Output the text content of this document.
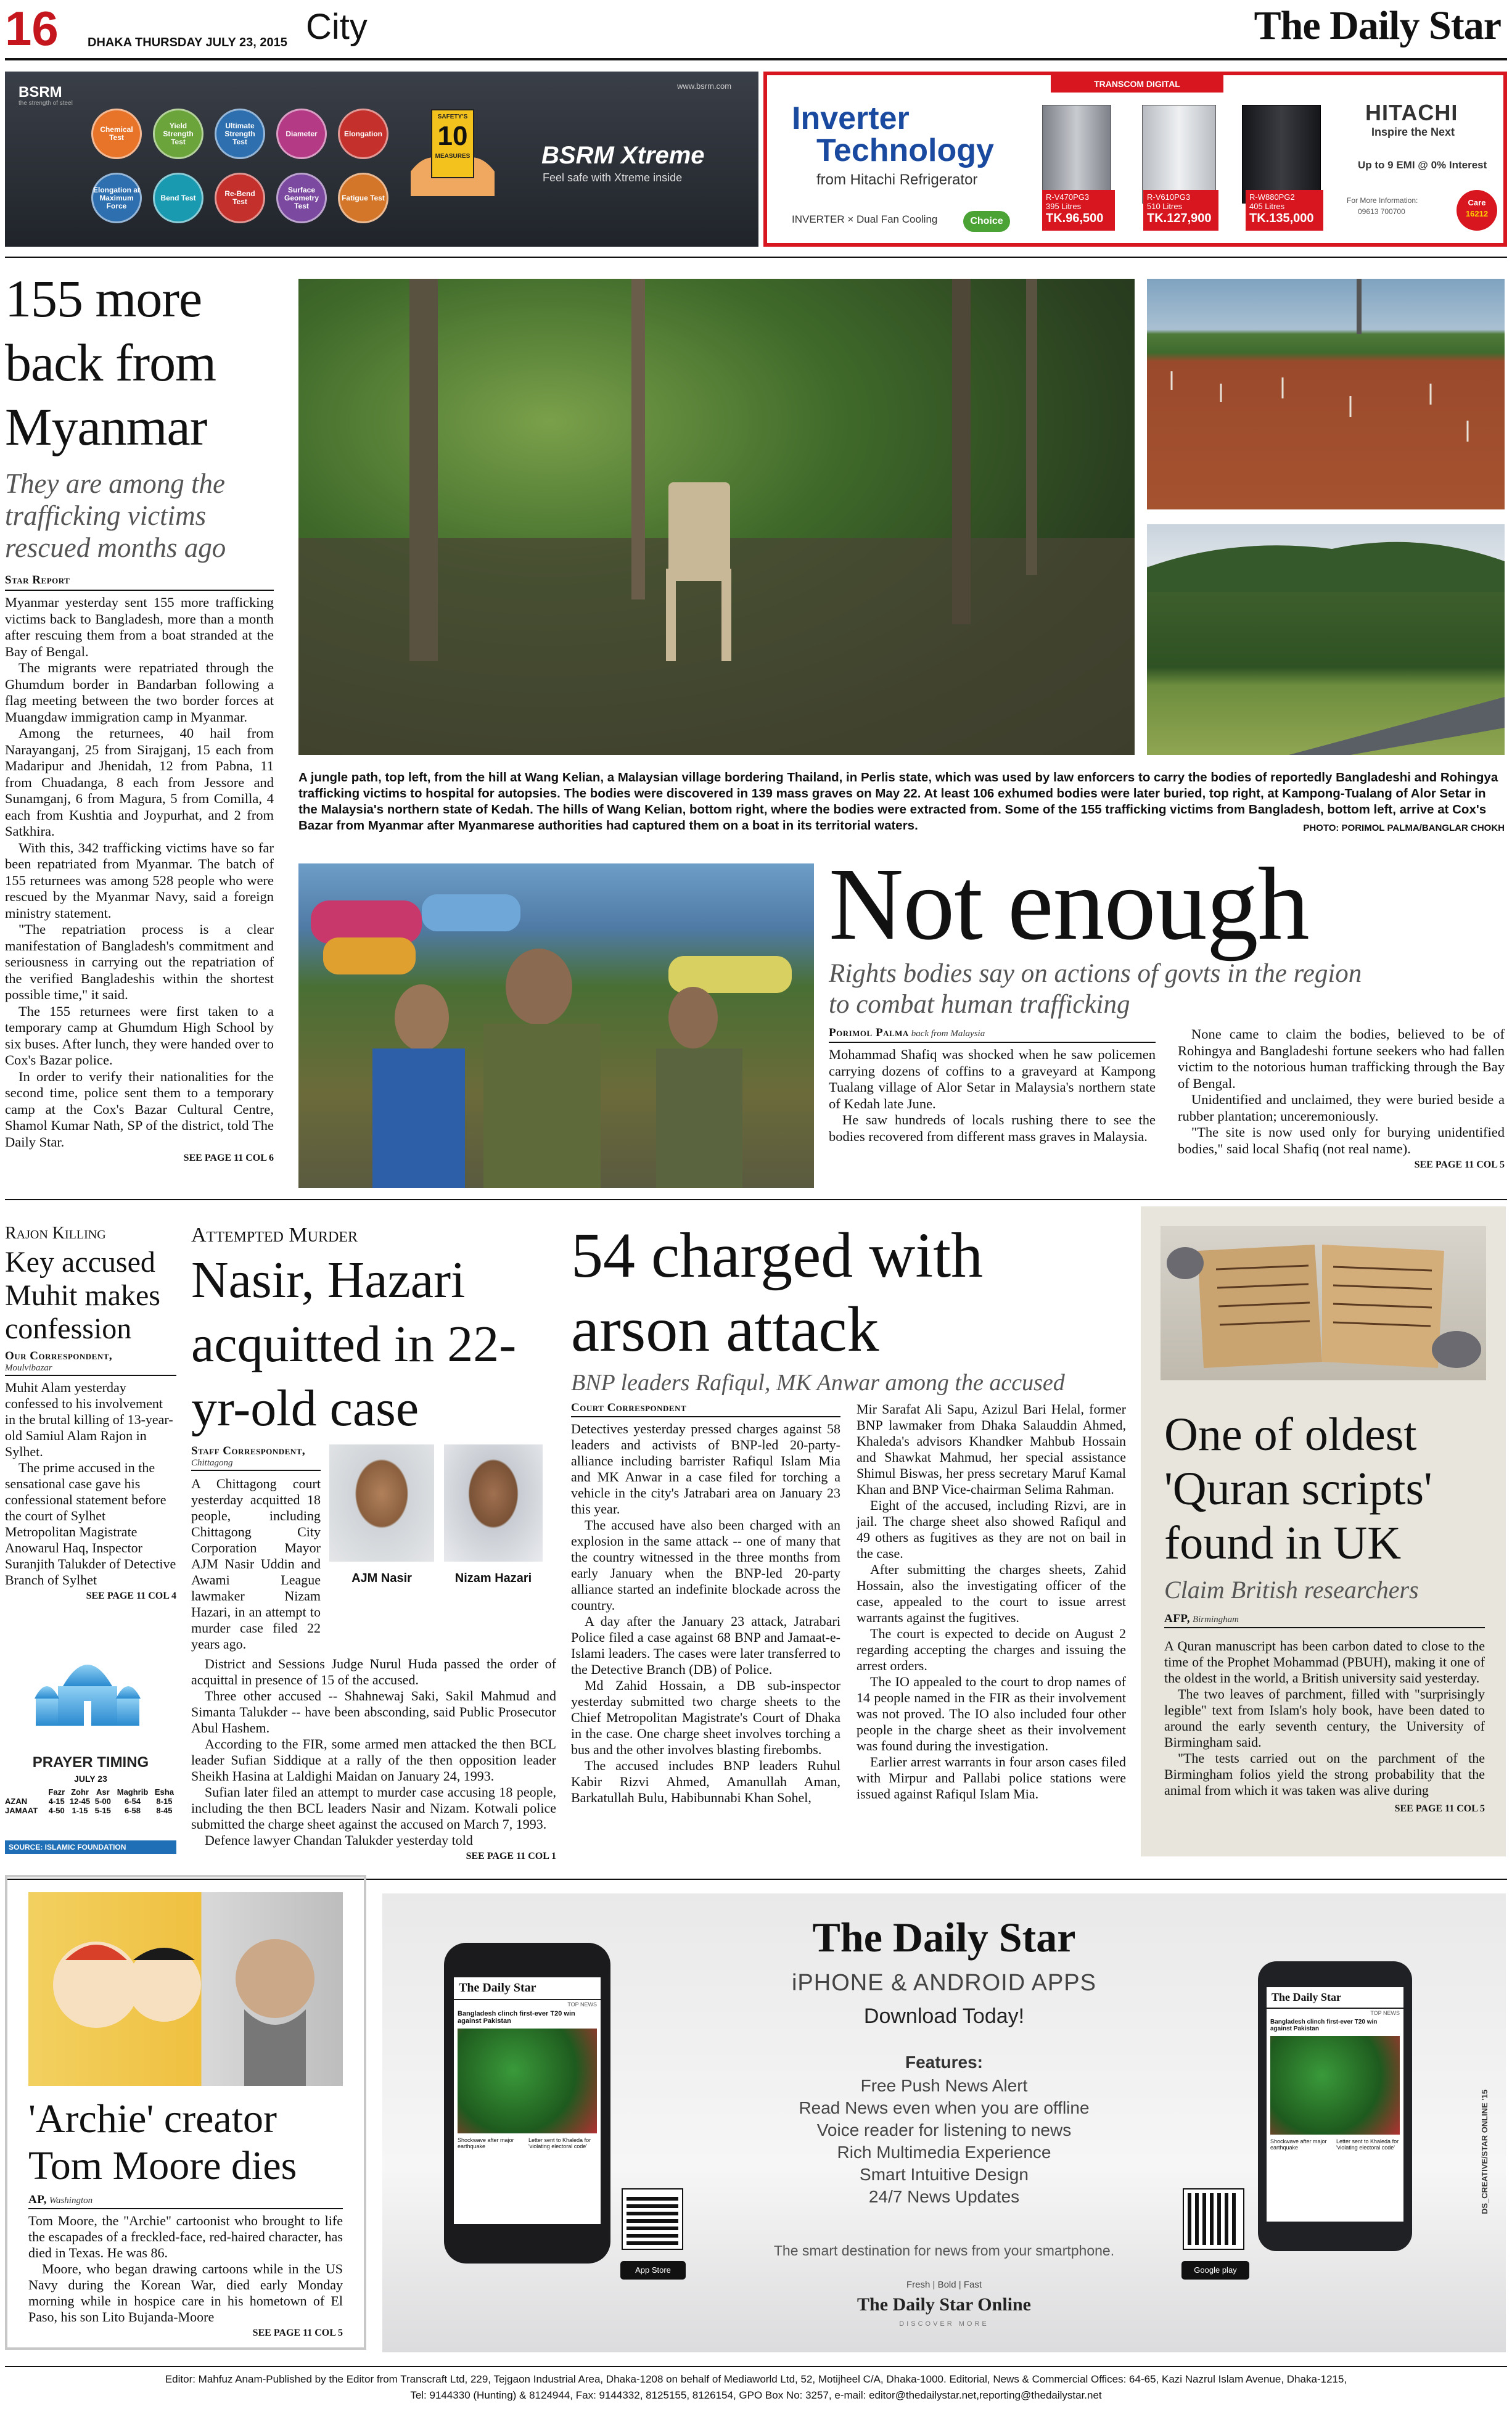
16 DHAKA THURSDAY JULY 23, 2015 City	The Daily Star
www.bsrm.com
BSRM
the strength of steel
Chemical Test
Yield Strength Test
Ultimate Strength Test
Diameter	Elongation
Elongation at Maximum Force
Bend Test	Re-Bend Test
Surface Geometry Test
Fatigue Test
SAFETY'S
10
MEASURES	BSRM Xtreme
Feel safe with Xtreme inside
TRANSCOM DIGITAL
Inverter
Technology
from Hitachi Refrigerator
INVERTER × Dual Fan Cooling	Choice
R-V470PG3
395 Litres
TK.96,500
R-V610PG3
510 Litres
TK.127,900
R-W880PG2
405 Litres
TK.135,000
HITACHI
Inspire the Next
Up to 9 EMI @ 0% Interest
For More Information:
09613 700700
Care
16212
155 more back from Myanmar
They are among the trafficking victims rescued months ago
Star Report

Myanmar yesterday sent 155 more trafficking victims back to Bangladesh, more than a month after rescuing them from a boat stranded at the Bay of Bengal.

The migrants were repatriated through the Ghumdum border in Bandarban following a flag meeting between the two border forces at Muangdaw immigration camp in Myanmar.

Among the returnees, 40 hail from Narayanganj, 25 from Sirajganj, 15 each from Madaripur and Jhenidah, 12 from Pabna, 11 from Chuadanga, 8 each from Jessore and Sunamganj, 6 from Magura, 5 from Comilla, 4 each from Kushtia and Joypurhat, and 2 from Satkhira.

With this, 342 trafficking victims have so far been repatriated from Myanmar. The batch of 155 returnees was among 528 people who were rescued by the Myanmar Navy, said a foreign ministry statement.

"The repatriation process is a clear manifestation of Bangladesh's commitment and seriousness in carrying out the repatriation of the verified Bangladeshis within the shortest possible time," it said.

The 155 returnees were first taken to a temporary camp at Ghumdum High School by six buses. After lunch, they were handed over to Cox's Bazar police.

In order to verify their nationalities for the second time, police sent them to a temporary camp at the Cox's Bazar Cultural Centre, Shamol Kumar Nath, SP of the district, told The Daily Star.

SEE PAGE 11 COL 6
A jungle path, top left, from the hill at Wang Kelian, a Malaysian village bordering Thailand, in Perlis state, which was used by law enforcers to carry the bodies of reportedly Bangladeshi and Rohingya trafficking victims to hospital for autopsies. The bodies were discovered in 139 mass graves on May 22. At least 106 exhumed bodies were later buried, top right, at Kampong-Tualang of Alor Setar in the Malaysia's northern state of Kedah. The hills of Wang Kelian, bottom right, where the bodies were extracted from. Some of the 155 trafficking victims from Bangladesh, bottom left, arrive at Cox's Bazar from Myanmar after Myanmarese authorities had captured them on a boat in its territorial waters.	PHOTO: PORIMOL PALMA/BANGLAR CHOKH
Not enough
Rights bodies say on actions of govts in the region to combat human trafficking
Porimol Palma back from Malaysia

Mohammad Shafiq was shocked when he saw policemen carrying dozens of coffins to a graveyard at Kampong Tualang village of Alor Setar in Malaysia's northern state of Kedah late June.

He saw hundreds of locals rushing there to see the bodies recovered from different mass graves in Malaysia.

None came to claim the bodies, believed to be of Rohingya and Bangladeshi fortune seekers who had fallen victim to the notorious human trafficking through the Bay of Bengal.

Unidentified and unclaimed, they were buried beside a rubber plantation; unceremoniously.

"The site is now used only for burying unidentified bodies," said local Shafiq (not real name).

SEE PAGE 11 COL 5
Rajon Killing
Key accused Muhit makes confession
Our Correspondent,
Moulvibazar

Muhit Alam yesterday confessed to his involvement in the brutal killing of 13-year-old Samiul Alam Rajon in Sylhet.

The prime accused in the sensational case gave his confessional statement before the court of Sylhet Metropolitan Magistrate Anowarul Haq, Inspector Suranjith Talukder of Detective Branch of Sylhet

SEE PAGE 11 COL 4
PRAYER TIMING
JULY 23
	Fazr	Zohr	Asr	Maghrib	Esha
AZAN	4-15	12-45	5-00	6-54	8-15
JAMAAT	4-50	1-15	5-15	6-58	8-45
SOURCE: ISLAMIC FOUNDATION
Attempted Murder
Nasir, Hazari acquitted in 22-yr-old case
Staff Correspondent,
Chittagong

A Chittagong court yesterday acquitted 18 people, including Chittagong City Corporation Mayor AJM Nasir Uddin and Awami League lawmaker Nizam Hazari, in an attempt to murder case filed 22 years ago.

AJM Nasir	Nizam Hazari

District and Sessions Judge Nurul Huda passed the order of acquittal in presence of 15 of the accused.

Three other accused -- Shahnewaj Saki, Sakil Mahmud and Simanta Talukder -- have been absconding, said Public Prosecutor Abul Hashem.

According to the FIR, some armed men attacked the then BCL leader Sufian Siddique at a rally of the then opposition leader Sheikh Hasina at Laldighi Maidan on January 24, 1993.

Sufian later filed an attempt to murder case accusing 18 people, including the then BCL leaders Nasir and Nizam. Kotwali police submitted the charge sheet against the accused on March 7, 1993.

Defence lawyer Chandan Talukder yesterday told

SEE PAGE 11 COL 1
54 charged with arson attack
BNP leaders Rafiqul, MK Anwar among the accused
Court Correspondent

Detectives yesterday pressed charges against 58 leaders and activists of BNP-led 20-party-alliance including barrister Rafiqul Islam Mia and MK Anwar in a case filed for torching a vehicle in the city's Jatrabari area on January 23 this year.

The accused have also been charged with an explosion in the same attack -- one of many that the country witnessed in the three months from early January when the BNP-led 20-party alliance started an indefinite blockade across the country.

A day after the January 23 attack, Jatrabari Police filed a case against 68 BNP and Jamaat-e-Islami leaders. The cases were later transferred to the Detective Branch (DB) of Police.

Md Zahid Hossain, a DB sub-inspector yesterday submitted two charge sheets to the Chief Metropolitan Magistrate's Court of Dhaka in the case. One charge sheet involves torching a bus and the other involves blasting firebombs.

The accused includes BNP leaders Ruhul Kabir Rizvi Ahmed, Amanullah Aman, Barkatullah Bulu, Habibunnabi Khan Sohel,

Mir Sarafat Ali Sapu, Azizul Bari Helal, former BNP lawmaker from Dhaka Salauddin Ahmed, Khaleda's advisors Khandker Mahbub Hossain and Shawkat Mahmud, her special assistance Shimul Biswas, her press secretary Maruf Kamal Khan and BNP Vice-chairman Selima Rahman.

Eight of the accused, including Rizvi, are in jail. The charge sheet also showed Rafiqul and 49 others as fugitives as they are not on bail in the case.

After submitting the charges sheets, Zahid Hossain, also the investigating officer of the case, appealed to the court to issue arrest warrants against the fugitives.

The court is expected to decide on August 2 regarding accepting the charges and issuing the arrest orders.

The IO appealed to the court to drop names of 14 people named in the FIR as their involvement was not proved. The IO also included four other people in the charge sheet as their involvement was found during the investigation.

Earlier arrest warrants in four arson cases filed with Mirpur and Pallabi police stations were issued against Rafiqul Islam Mia.

One of oldest 'Quran scripts' found in UK
Claim British researchers
AFP, Birmingham

A Quran manuscript has been carbon dated to close to the time of the Prophet Mohammad (PBUH), making it one of the oldest in the world, a British university said yesterday.

The two leaves of parchment, filled with "surprisingly legible" text from Islam's holy book, have been dated to around the early seventh century, the University of Birmingham said.

"The tests carried out on the parchment of the Birmingham folios yield the strong probability that the animal from which it was taken was alive during

SEE PAGE 11 COL 5
'Archie' creator Tom Moore dies
AP, Washington

Tom Moore, the "Archie" cartoonist who brought to life the escapades of a freckled-face, red-haired character, has died in Texas. He was 86.

Moore, who began drawing cartoons while in the US Navy during the Korean War, died early Monday morning while in hospice care in his hometown of El Paso, his son Lito Bujanda-Moore

SEE PAGE 11 COL 5
The Daily Star
TOP NEWS
Bangladesh clinch first-ever T20 win against Pakistan
Shockwave after major earthquake
Letter sent to Khaleda for 'violating electoral code'
App Store
The Daily Star
iPHONE & ANDROID APPS
Download Today!
Features:
Free Push News Alert
Read News even when you are offline
Voice reader for listening to news
Rich Multimedia Experience
Smart Intuitive Design
24/7 News Updates
The smart destination for news from your smartphone.
Fresh | Bold | Fast
The Daily Star Online
DISCOVER MORE
The Daily Star
TOP NEWS
Bangladesh clinch first-ever T20 win against Pakistan
Shockwave after major earthquake
Letter sent to Khaleda for 'violating electoral code'
Google play
DS_CREATIVE/STAR ONLINE '15
Editor: Mahfuz Anam-Published by the Editor from Transcraft Ltd, 229, Tejgaon Industrial Area, Dhaka-1208 on behalf of Mediaworld Ltd, 52, Motijheel C/A, Dhaka-1000. Editorial, News & Commercial Offices: 64-65, Kazi Nazrul Islam Avenue, Dhaka-1215,
Tel: 9144330 (Hunting) & 8124944, Fax: 9144332, 8125155, 8126154, GPO Box No: 3257, e-mail: editor@thedailystar.net,reporting@thedailystar.net
